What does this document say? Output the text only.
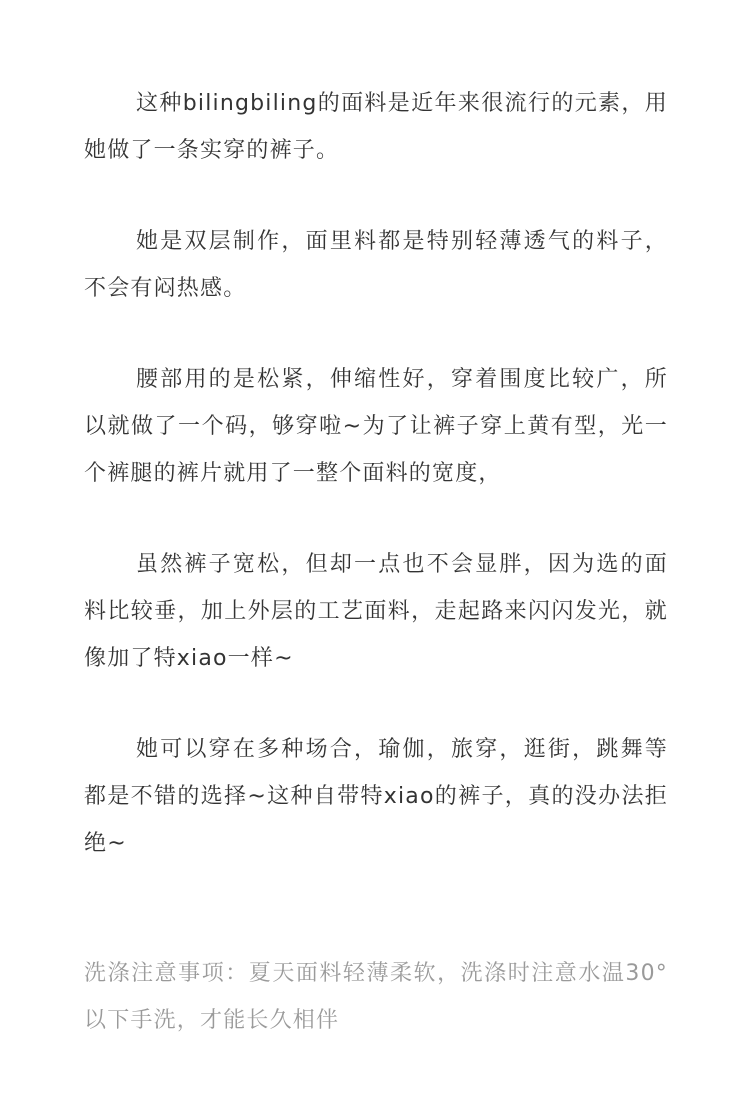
这种bilingbiling的面料是近年来很流行的元素，用她做了一条实穿的裤子。

她是双层制作，面里料都是特别轻薄透气的料子，不会有闷热感。

腰部用的是松紧，伸缩性好，穿着围度比较广，所以就做了一个码，够穿啦~为了让裤子穿上黄有型，光一个裤腿的裤片就用了一整个面料的宽度，

虽然裤子宽松，但却一点也不会显胖，因为选的面料比较垂，加上外层的工艺面料，走起路来闪闪发光，就像加了特xiao一样~

她可以穿在多种场合，瑜伽，旅穿，逛街，跳舞等都是不错的选择~这种自带特xiao的裤子，真的没办法拒绝~

洗涤注意事项：夏天面料轻薄柔软，洗涤时注意水温30°以下手洗，才能长久相伴
